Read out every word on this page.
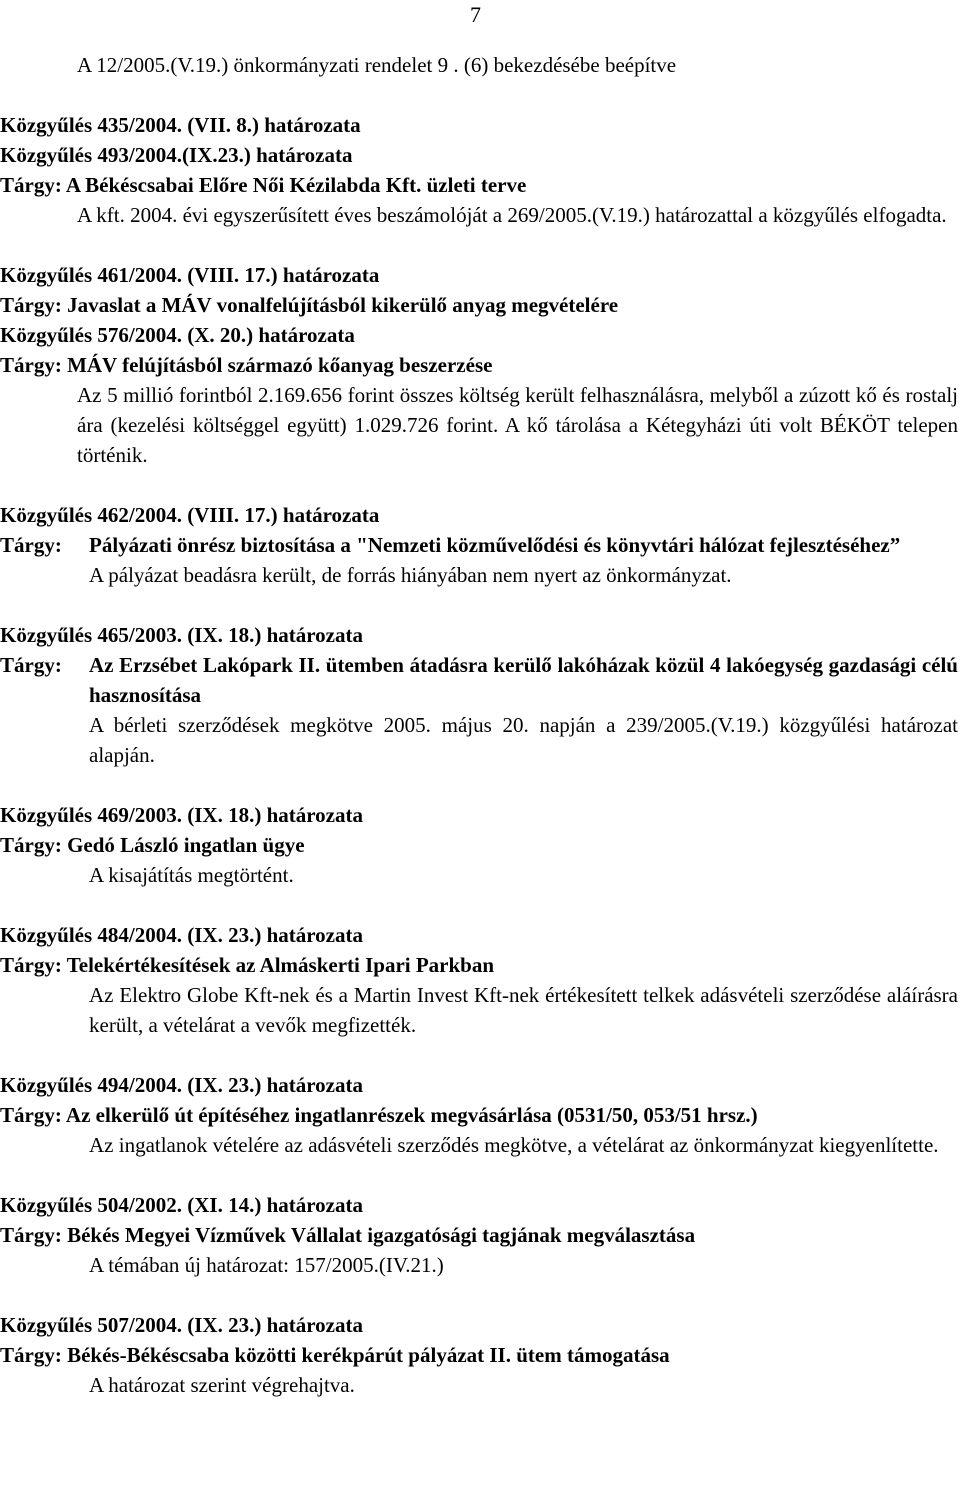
7

A 12/2005.(V.19.) önkormányzati rendelet 9 . (6) bekezdésébe beépítve

Közgyűlés 435/2004. (VII. 8.) határozata

Közgyűlés 493/2004.(IX.23.) határozata

Tárgy: A Békéscsabai Előre Női Kézilabda Kft. üzleti terve

A kft. 2004. évi egyszerűsített éves beszámolóját a 269/2005.(V.19.) határozattal a közgyűlés elfogadta.

Közgyűlés 461/2004. (VIII. 17.) határozata

Tárgy: Javaslat a MÁV vonalfelújításból kikerülő anyag megvételére

Közgyűlés 576/2004. (X. 20.) határozata

Tárgy: MÁV felújításból származó kőanyag beszerzése

Az 5 millió forintból 2.169.656 forint összes költség került felhasználásra, melyből a zúzott kő és rostalj ára (kezelési költséggel együtt) 1.029.726 forint. A kő tárolása a Kétegyházi úti volt BÉKÖT telepen történik.

Közgyűlés 462/2004. (VIII. 17.) határozata

Tárgy:	Pályázati önrész biztosítása a "Nemzeti közművelődési és könyvtári hálózat fejlesztéséhez”

A pályázat beadásra került, de forrás hiányában nem nyert az önkormányzat.

Közgyűlés 465/2003. (IX. 18.) határozata

Tárgy:	Az Erzsébet Lakópark II. ütemben átadásra kerülő lakóházak közül 4 lakóegység gazdasági célú hasznosítása

A bérleti szerződések megkötve 2005. május 20. napján a 239/2005.(V.19.) közgyűlési határozat alapján.

Közgyűlés 469/2003. (IX. 18.) határozata

Tárgy: Gedó László ingatlan ügye

A kisajátítás megtörtént.

Közgyűlés 484/2004. (IX. 23.) határozata

Tárgy: Telekértékesítések az Almáskerti Ipari Parkban

Az Elektro Globe Kft-nek és a Martin Invest Kft-nek értékesített telkek adásvételi szerződése aláírásra került, a vételárat a vevők megfizették.

Közgyűlés 494/2004. (IX. 23.) határozata

Tárgy: Az elkerülő út építéséhez ingatlanrészek megvásárlása (0531/50, 053/51 hrsz.)

Az ingatlanok vételére az adásvételi szerződés megkötve, a vételárat az önkormányzat kiegyenlítette.

Közgyűlés 504/2002. (XI. 14.) határozata

Tárgy: Békés Megyei Vízművek Vállalat igazgatósági tagjának megválasztása

A témában új határozat: 157/2005.(IV.21.)

Közgyűlés 507/2004. (IX. 23.) határozata

Tárgy: Békés-Békéscsaba közötti kerékpárút pályázat II. ütem támogatása

A határozat szerint végrehajtva.
